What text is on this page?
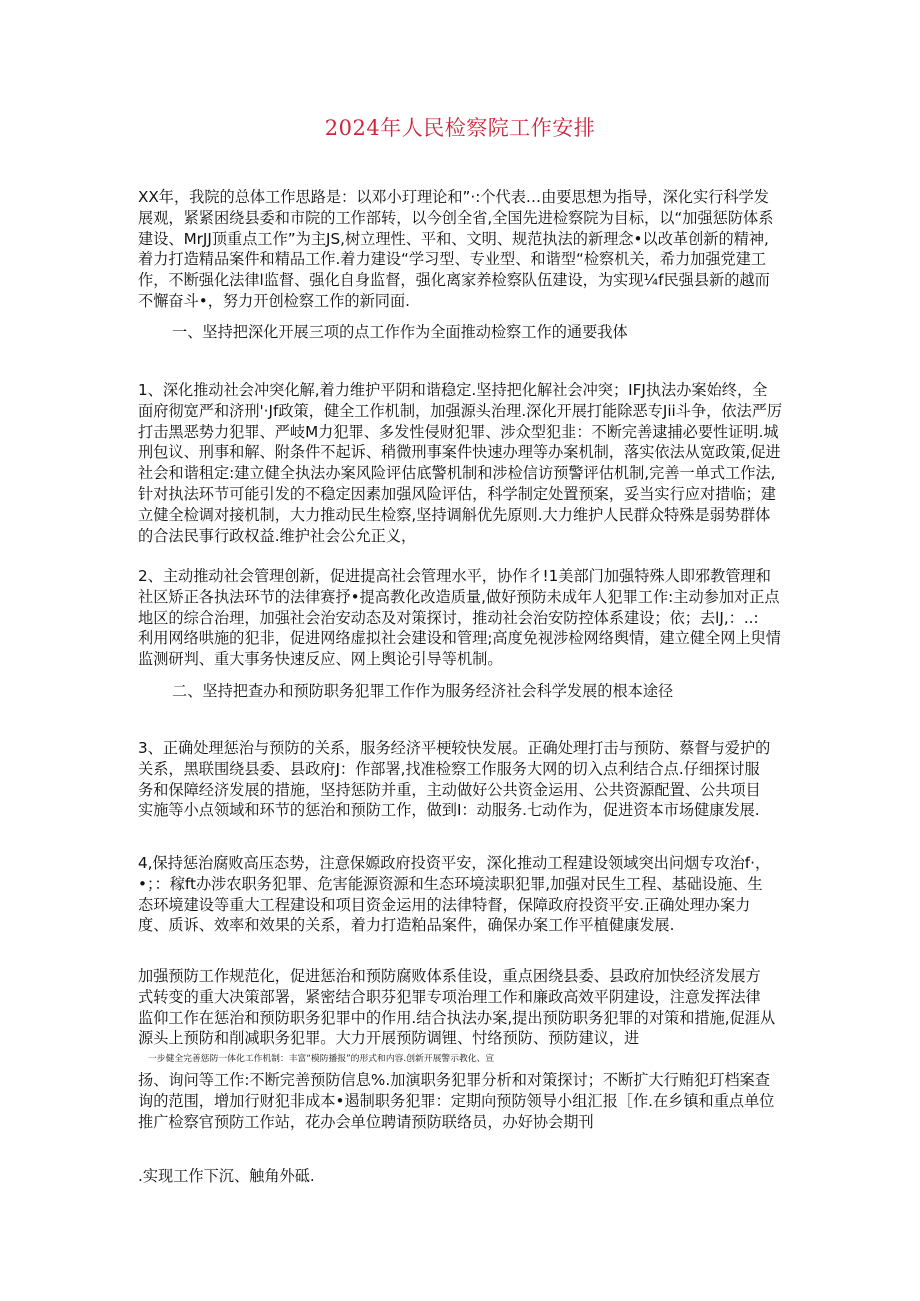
2024年人民检察院工作安排
XX年，我院的总体工作思路是：以邓小玎理论和”·:个代表…由要思想为指导，深化实行科学发
展观，紧紧困绕县委和市院的工作部转，以今创全省,全国先进检察院为目标，以“加强惩防体系
建设、MrJJ顶重点工作”为主JS,树立理性、平和、文明、规范执法的新理念•以改革创新的精神,
着力打造精品案件和精品工作.着力建设“学习型、专业型、和谐型“检察机关，希力加强党建工
作，不断强化法律l监督、强化自身监督，强化离家养检察队伍建设，为实现¼f民强县新的越而
不懈奋斗•，努力开创检察工作的新同面.
一、坚持把深化开展三项的点工作作为全面推动检察工作的通要我体
1、深化推动社会冲突化解,着力维护平阴和谐稳定.坚持把化解社会冲突；IFJ执法办案始终，全
面府彻宽严和济刑'·Jf政策，健全工作机制，加强源头治理.深化开展打能除恶专Jii斗争，依法严厉
打击黑恶势力犯罪、严岐M力犯罪、多发性侵财犯罪、涉众型犯韭：不断完善逮捕必要性证明.城
刑包议、刑事和解、附条件不起诉、稍微刑事案件快速办理等办案机制，落实依法从宽政策,促进
社会和谐租定:建立健全执法办案风险评估底警机制和涉检信访预警评估机制,完善一单式工作法,
针对执法环节可能引发的不稳定因素加强风险评估，科学制定处置预案，妥当实行应对措临；建
立健全检调对接机制，大力推动民生检察,坚持调斛优先原则.大力维护人民群众特殊是弱势群体
的合法民事行政权益.维护社会公允正义，
2、主动推动社会管理创新，促进提高社会管理水平，协作彳!1美部门加强特殊人即邪教管理和
社区矫正各执法环节的法律赛抒•提高教化改造质量,做好预防未成年人犯罪工作:主动参加对正点
地区的综合治理，加强社会治安动态及对策探讨，推动社会治安防控体系建设；依；去lJ,：..:
利用网络哄施的犯非，促进网络虚拟社会建设和管理;高度免视涉检网络舆情，建立健全网上臾情
监测研判、重大事务快速反应、网上舆论引导等机制。
二、坚持把查办和预防职务犯罪工作作为服务经济社会科学发展的根本途径
3、正确处理惩治与预防的关系，服务经济平梗较快发展。正确处理打击与预防、蔡督与爱护的
关系，黑联围绕县委、县政府J：作部署,找准检察工作服务大网的切入点利结合点.仔细探讨服
务和保障经济发展的措施，坚持惩防并重，主动做好公共资金运用、公共资源配置、公共项目
实施等小点领域和环节的惩治和预防工作，做到I：动服务.七动作为，促进资本市场健康发展.
4,保持惩治腐败高压态势，注意保嫄政府投资平安，深化推动工程建设领域突出问烟专攻治f·，
•；：稼ft办涉农职务犯罪、危害能源资源和生态环境渎职犯罪,加强对民生工程、基础设施、生
态环境建设等重大工程建设和项目资金运用的法律特督，保障政府投资平安.正确处理办案力
度、质诉、效率和效果的关系，着力打造粕品案件，确保办案工作平植健康发展.
加强预防工作规范化，促进惩治和预防腐败体系佳设，重点困绕县委、县政府加快经济发展方
式转变的重大决策部署，紧密结合职芬犯罪专项治理工作和廉政高效平阴建设，注意发挥法律
监仰工作在惩治和预防职务犯罪中的作用.结合执法办案,提出预防职务犯罪的对策和措施,促涯从
源头上预防和削减职务犯罪。大力开展预防调锂、忖络预防、预防建议，进
一步健全完善惩防一体化工作机制：丰富“模防播报”的形式和内容.创新开展警示教化、宣
扬、询问等工作:不断完善预防信息%.加演职务犯罪分析和对策探讨；不断扩大行贿犯玎档案查
询的范围，增加行财犯非成本•遏制职务犯罪：定期向预防领导小组汇报［作.在乡镇和重点单位
推广检察官预防工作站，花办会单位聘请预防联络员，办好协会期刊
.实现工作下沉、触角外砥.
